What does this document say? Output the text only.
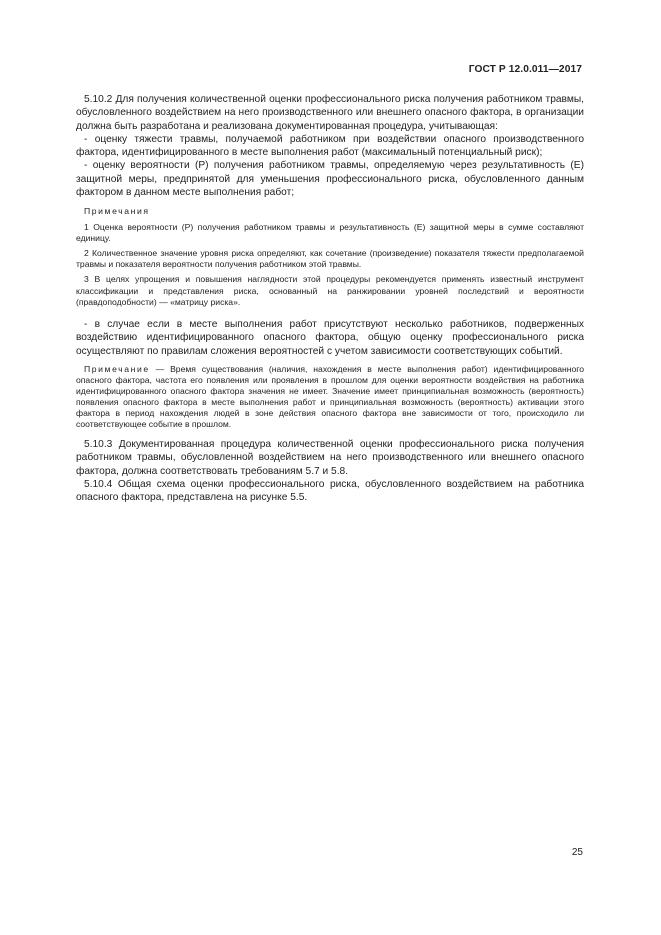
ГОСТ Р 12.0.011—2017

5.10.2 Для получения количественной оценки профессионального риска получения работником травмы, обусловленного воздействием на него производственного или внешнего опасного фактора, в организации должна быть разработана и реализована документированная процедура, учитывающая:

- оценку тяжести травмы, получаемой работником при воздействии опасного производственного фактора, идентифицированного в месте выполнения работ (максимальный потенциальный риск);

- оценку вероятности (P) получения работником травмы, определяемую через результативность (E) защитной меры, предпринятой для уменьшения профессионального риска, обусловленного данным фактором в данном месте выполнения работ;

Примечания

1 Оценка вероятности (P) получения работником травмы и результативность (E) защитной меры в сумме составляют единицу.

2 Количественное значение уровня риска определяют, как сочетание (произведение) показателя тяжести предполагаемой травмы и показателя вероятности получения работником этой травмы.

3 В целях упрощения и повышения наглядности этой процедуры рекомендуется применять известный инструмент классификации и представления риска, основанный на ранжировании уровней последствий и вероятности (правдоподобности) — «матрицу риска».

- в случае если в месте выполнения работ присутствуют несколько работников, подверженных воздействию идентифицированного опасного фактора, общую оценку профессионального риска осуществляют по правилам сложения вероятностей с учетом зависимости соответствующих событий.

Примечание — Время существования (наличия, нахождения в месте выполнения работ) идентифицированного опасного фактора, частота его появления или проявления в прошлом для оценки вероятности воздействия на работника идентифицированного опасного фактора значения не имеет. Значение имеет принципиальная возможность (вероятность) появления опасного фактора в месте выполнения работ и принципиальная возможность (вероятность) активации этого фактора в период нахождения людей в зоне действия опасного фактора вне зависимости от того, происходило ли соответствующее событие в прошлом.

5.10.3 Документированная процедура количественной оценки профессионального риска получения работником травмы, обусловленной воздействием на него производственного или внешнего опасного фактора, должна соответствовать требованиям 5.7 и 5.8.

5.10.4 Общая схема оценки профессионального риска, обусловленного воздействием на работника опасного фактора, представлена на рисунке 5.5.

25
